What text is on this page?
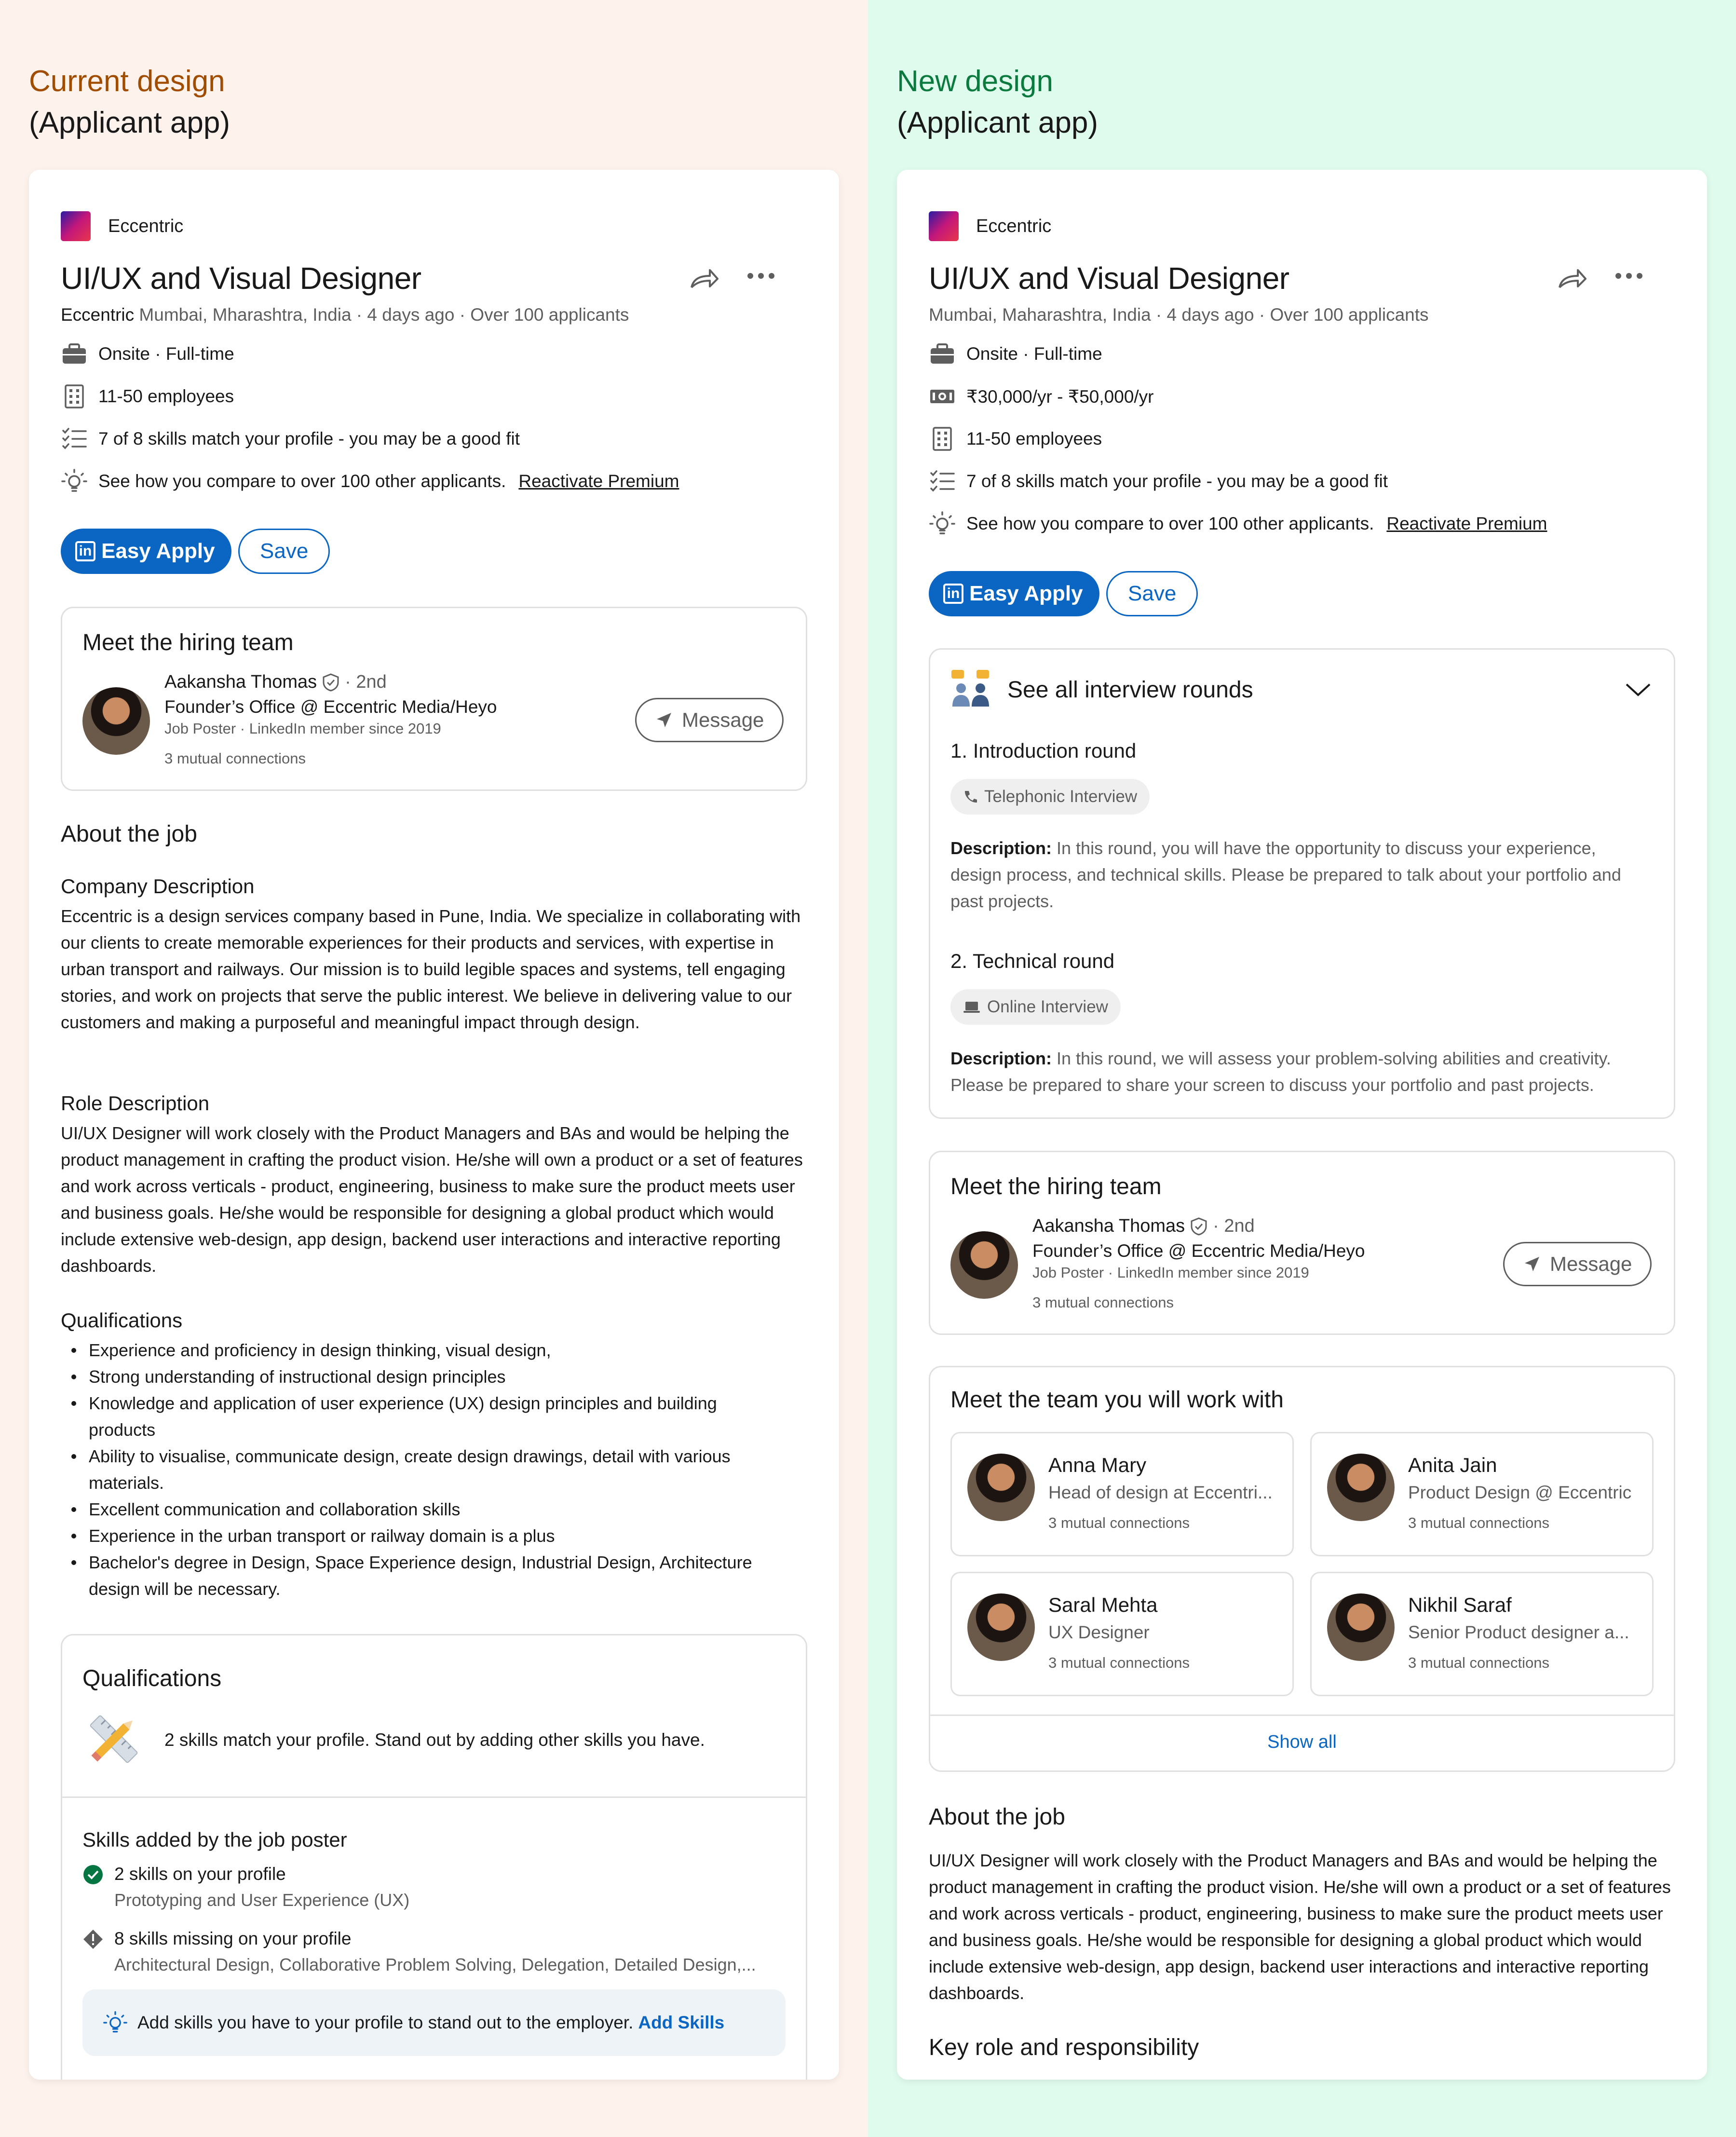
Current design
(Applicant app)
Eccentric
UI/UX and Visual Designer
Eccentric Mumbai, Mharashtra, India · 4 days ago · Over 100 applicants
Onsite · Full-time
11-50 employees
7 of 8 skills match your profile - you may be a good fit
See how you compare to over 100 other applicants. Reactivate Premium
in Easy Apply	Save
Meet the hiring team
Aakansha Thomas · 2nd
Founder’s Office @ Eccentric Media/Heyo
Job Poster · LinkedIn member since 2019
3 mutual connections
Message
About the job
Company Description
Eccentric is a design services company based in Pune, India. We specialize in collaborating with our clients to create memorable experiences for their products and services, with expertise in urban transport and railways. Our mission is to build legible spaces and systems, tell engaging stories, and work on projects that serve the public interest. We believe in delivering value to our customers and making a purposeful and meaningful impact through design.
Role Description
UI/UX Designer will work closely with the Product Managers and BAs and would be helping the product management in crafting the product vision. He/she will own a product or a set of features and work across verticals - product, engineering, business to make sure the product meets user and business goals. He/she would be responsible for designing a global product which would include extensive web-design, app design, backend user interactions and interactive reporting dashboards.
Qualifications
Experience and proficiency in design thinking, visual design,
Strong understanding of instructional design principles
Knowledge and application of user experience (UX) design principles and building products
Ability to visualise, communicate design, create design drawings, detail with various materials.
Excellent communication and collaboration skills
Experience in the urban transport or railway domain is a plus
Bachelor's degree in Design, Space Experience design, Industrial Design, Architecture design will be necessary.
Qualifications
2 skills match your profile. Stand out by adding other skills you have.
Skills added by the job poster
2 skills on your profile
Prototyping and User Experience (UX)
8 skills missing on your profile
Architectural Design, Collaborative Problem Solving, Delegation, Detailed Design,...
Add skills you have to your profile to stand out to the employer. Add Skills
New design
(Applicant app)
Eccentric
UI/UX and Visual Designer
Mumbai, Maharashtra, India · 4 days ago · Over 100 applicants
Onsite · Full-time
₹30,000/yr - ₹50,000/yr
11-50 employees
7 of 8 skills match your profile - you may be a good fit
See how you compare to over 100 other applicants. Reactivate Premium
in Easy Apply	Save
See all interview rounds
1. Introduction round
Telephonic Interview
Description: In this round, you will have the opportunity to discuss your experience, design process, and technical skills. Please be prepared to talk about your portfolio and past projects.
2. Technical round
Online Interview
Description: In this round, we will assess your problem-solving abilities and creativity. Please be prepared to share your screen to discuss your portfolio and past projects.
Meet the hiring team
Aakansha Thomas · 2nd
Founder’s Office @ Eccentric Media/Heyo
Job Poster · LinkedIn member since 2019
3 mutual connections
Message
Meet the team you will work with
Anna Mary
Head of design at Eccentri...
3 mutual connections
Anita Jain
Product Design @ Eccentric
3 mutual connections
Saral Mehta
UX Designer
3 mutual connections
Nikhil Saraf
Senior Product designer a...
3 mutual connections
Show all
About the job
UI/UX Designer will work closely with the Product Managers and BAs and would be helping the product management in crafting the product vision. He/she will own a product or a set of features and work across verticals - product, engineering, business to make sure the product meets user and business goals. He/she would be responsible for designing a global product which would include extensive web-design, app design, backend user interactions and interactive reporting dashboards.
Key role and responsibility
